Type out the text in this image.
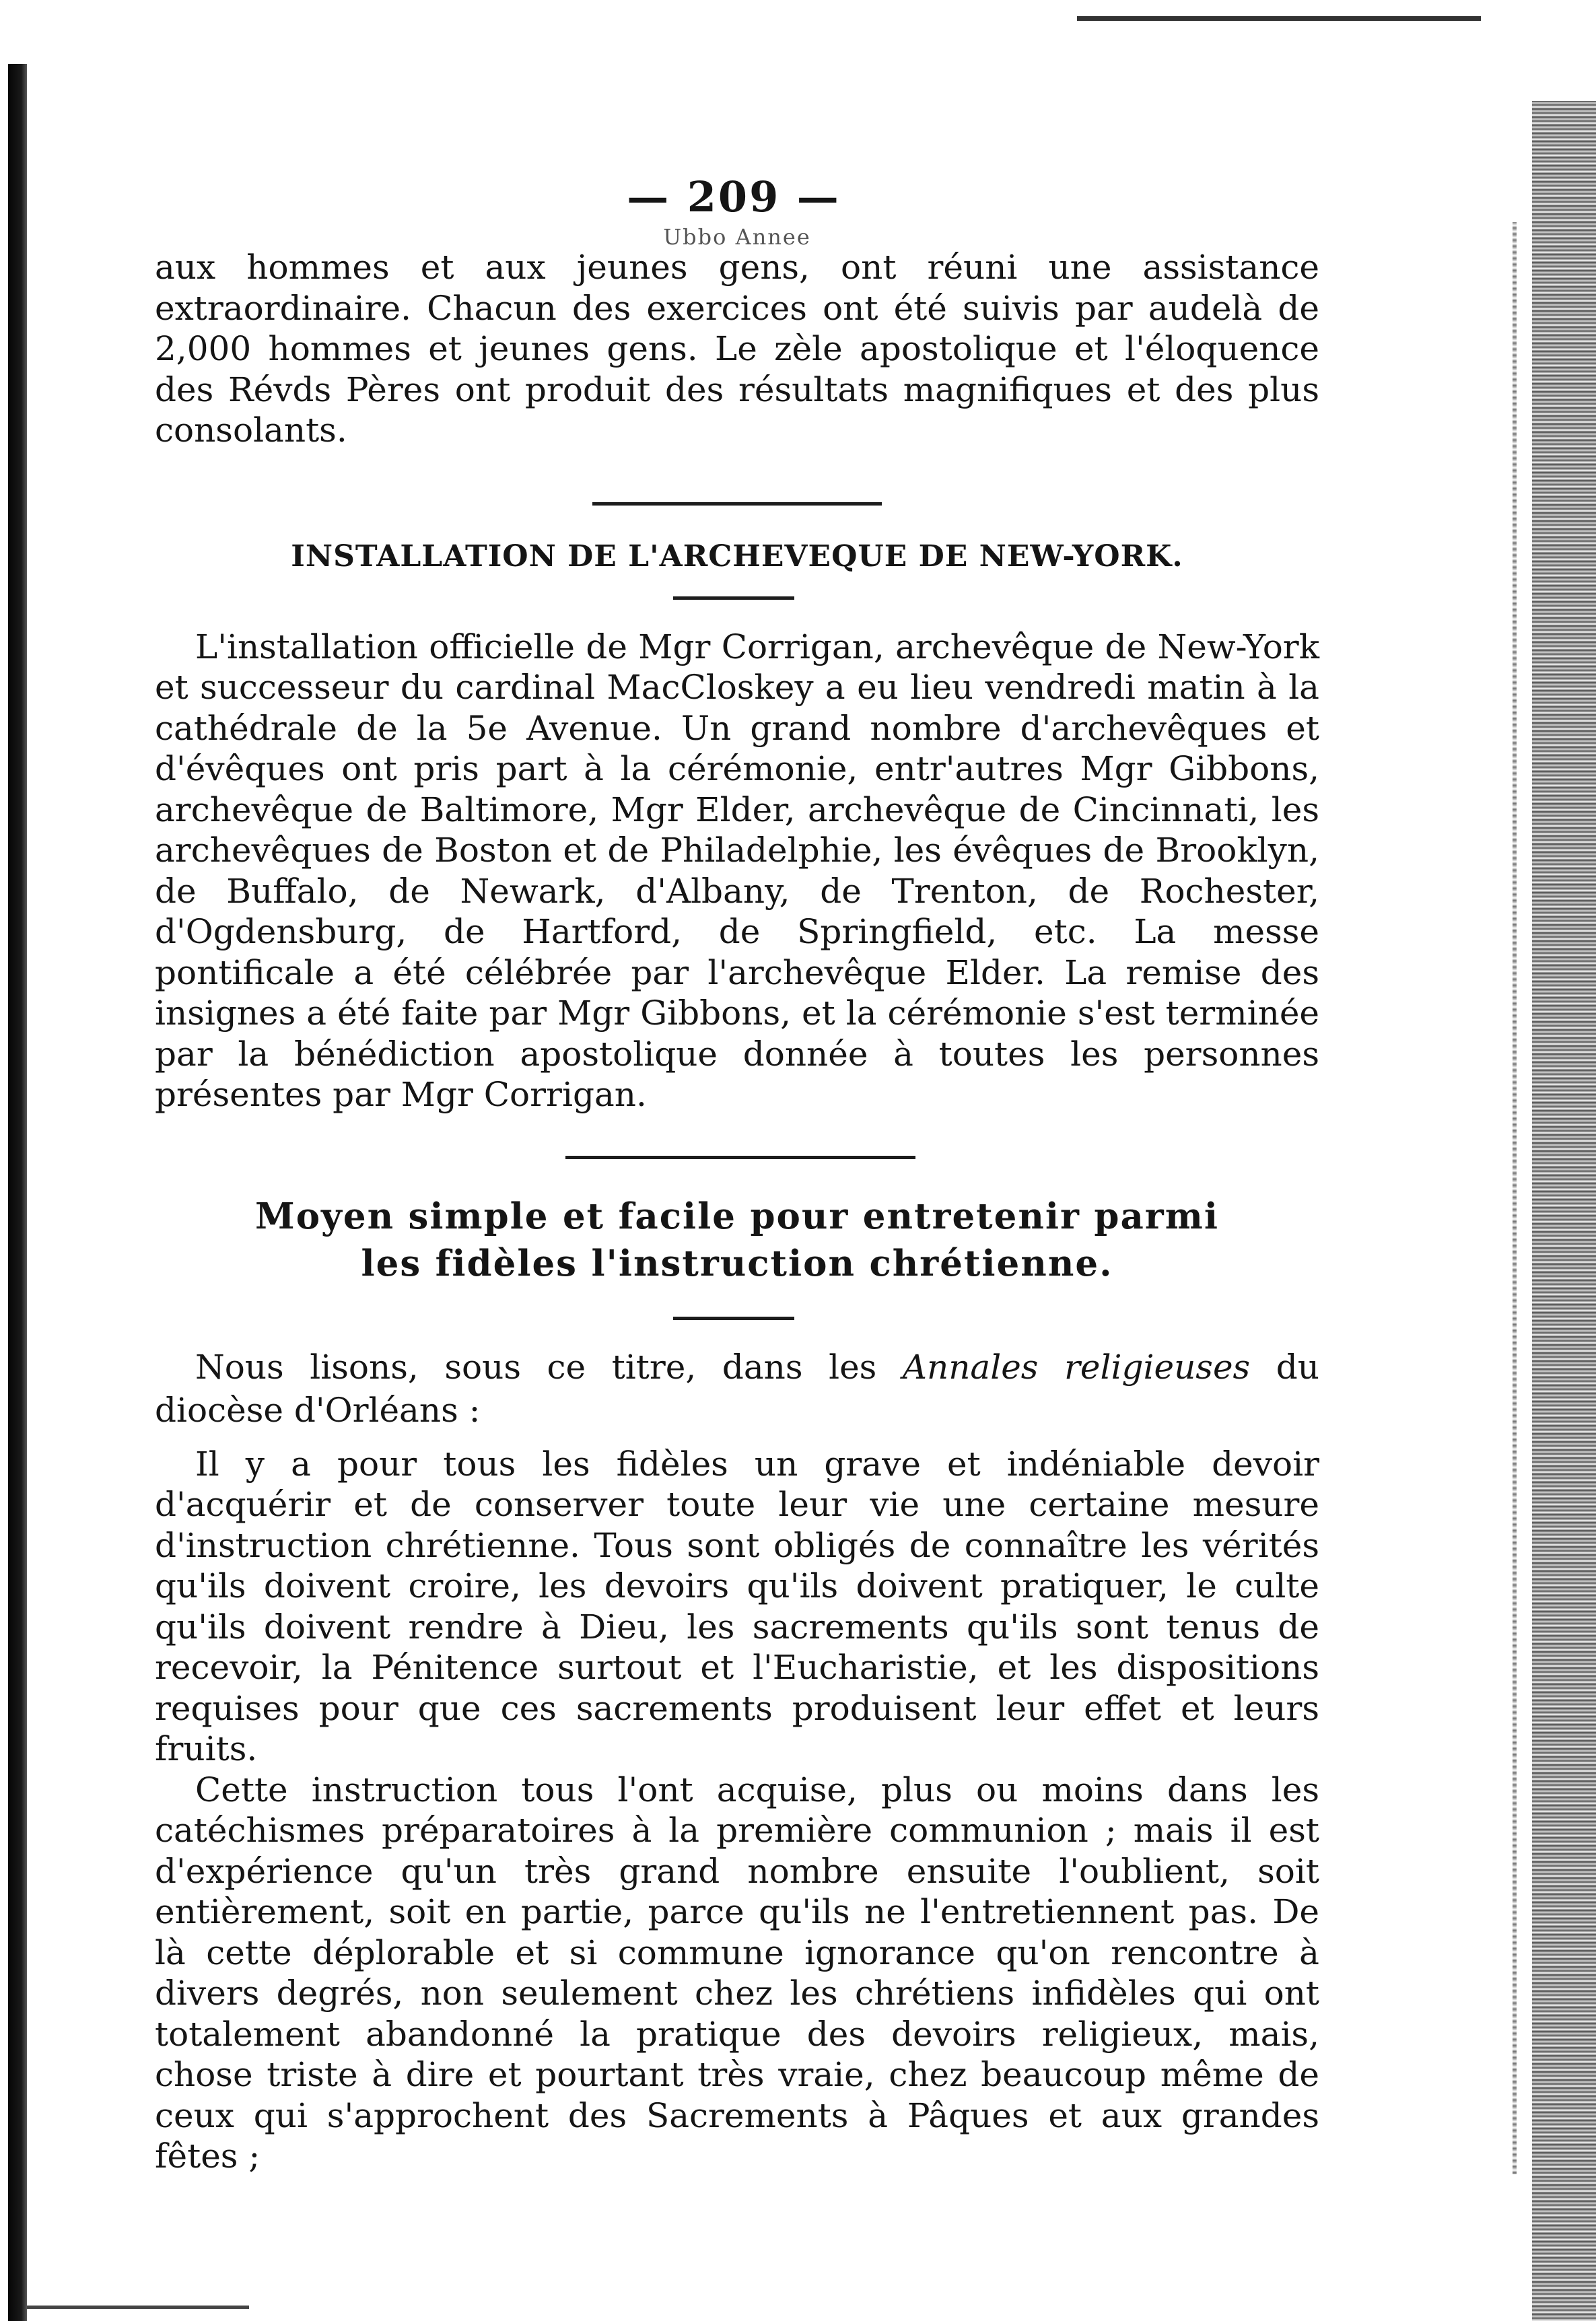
— 209 —
Ubbo Annee

aux hommes et aux jeunes gens, ont réuni une assistance extraordinaire. Chacun des exercices ont été suivis par audelà de 2,000 hommes et jeunes gens. Le zèle apostolique et l'éloquence des Révds Pères ont produit des résultats magnifiques et des plus consolants.

INSTALLATION DE L'ARCHEVEQUE DE NEW-YORK.

L'installation officielle de Mgr Corrigan, archevêque de New-York et successeur du cardinal MacCloskey a eu lieu vendredi matin à la cathédrale de la 5e Avenue. Un grand nombre d'archevêques et d'évêques ont pris part à la cérémonie, entr'autres Mgr Gibbons, archevêque de Baltimore, Mgr Elder, archevêque de Cincinnati, les archevêques de Boston et de Philadelphie, les évêques de Brooklyn, de Buffalo, de Newark, d'Albany, de Trenton, de Rochester, d'Ogdensburg, de Hartford, de Springfield, etc. La messe pontificale a été célébrée par l'archevêque Elder. La remise des insignes a été faite par Mgr Gibbons, et la cérémonie s'est terminée par la bénédiction apostolique donnée à toutes les personnes présentes par Mgr Corrigan.

Moyen simple et facile pour entretenir parmi
les fidèles l'instruction chrétienne.

Nous lisons, sous ce titre, dans les Annales religieuses du diocèse d'Orléans :

Il y a pour tous les fidèles un grave et indéniable devoir d'acquérir et de conserver toute leur vie une certaine mesure d'instruction chrétienne. Tous sont obligés de connaître les vérités qu'ils doivent croire, les devoirs qu'ils doivent pratiquer, le culte qu'ils doivent rendre à Dieu, les sacrements qu'ils sont tenus de recevoir, la Pénitence surtout et l'Eucharistie, et les dispositions requises pour que ces sacrements produisent leur effet et leurs fruits.

Cette instruction tous l'ont acquise, plus ou moins dans les catéchismes préparatoires à la première communion ; mais il est d'expérience qu'un très grand nombre ensuite l'oublient, soit entièrement, soit en partie, parce qu'ils ne l'entretiennent pas. De là cette déplorable et si commune ignorance qu'on rencontre à divers degrés, non seulement chez les chrétiens infidèles qui ont totalement abandonné la pratique des devoirs religieux, mais, chose triste à dire et pourtant très vraie, chez beaucoup même de ceux qui s'approchent des Sacrements à Pâques et aux grandes fêtes ;
